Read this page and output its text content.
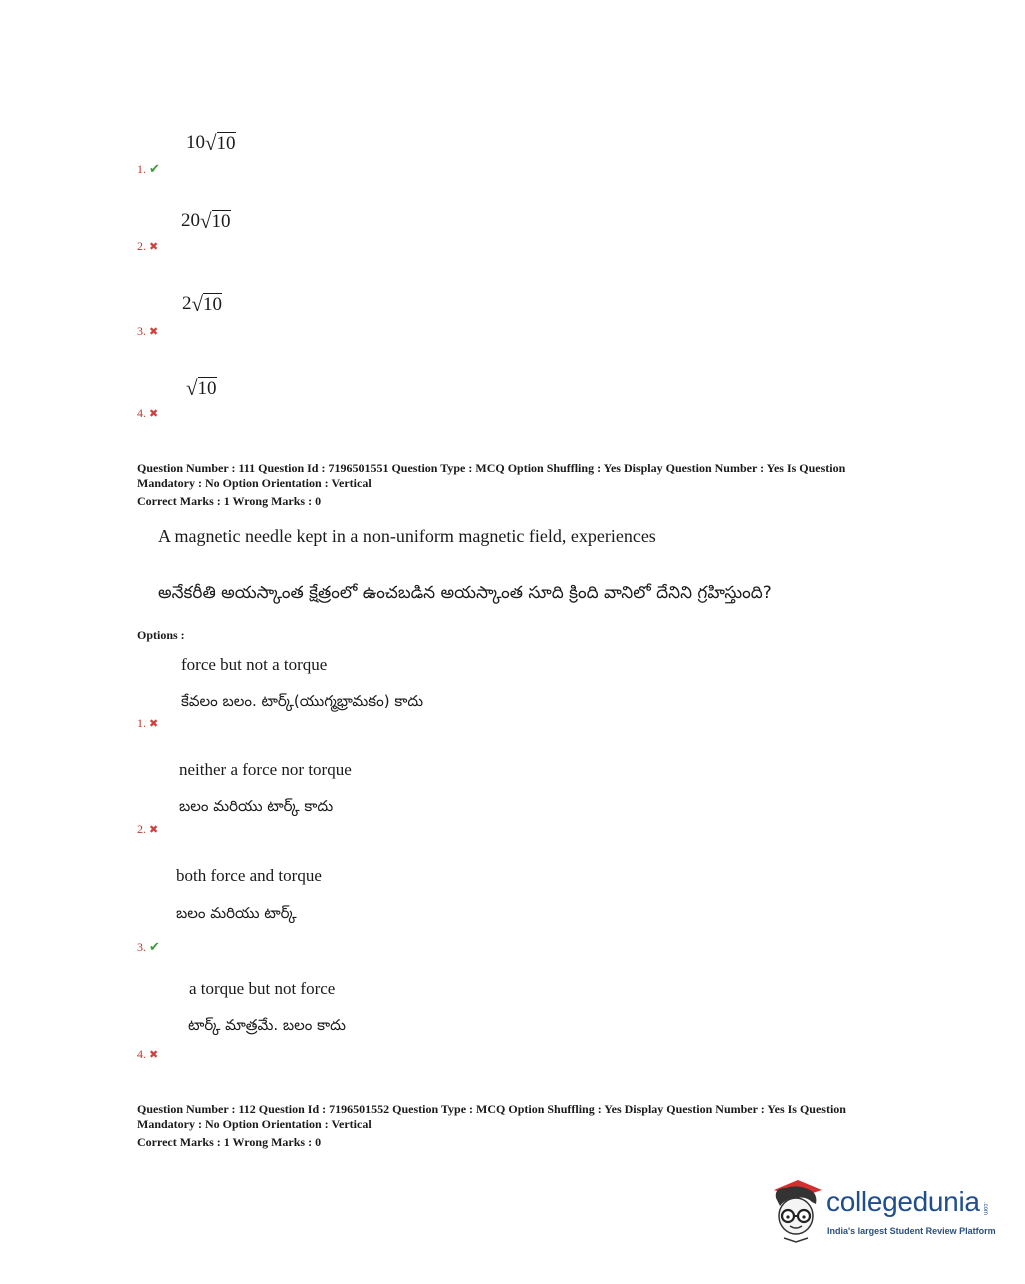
10 √ 10
1. ✔
20 √ 10
2. ✖
2 √ 10
3. ✖
√ 10
4. ✖
Question Number : 111 Question Id : 7196501551 Question Type : MCQ Option Shuffling : Yes Display Question Number : Yes Is Question
Mandatory : No Option Orientation : Vertical
Correct Marks : 1 Wrong Marks : 0
A magnetic needle kept in a non-uniform magnetic field, experiences
అనేకరీతి అయస్కాంత క్షేత్రంలో ఉంచబడిన అయస్కాంత సూది క్రింది వానిలో దేనిని గ్రహిస్తుంది?
Options :
force but not a torque
కేవలం బలం. టార్క్(యుగ్మభ్రామకం) కాదు
1. ✖
neither a force nor torque
బలం మరియు టార్క్ కాదు
2. ✖
both force and torque
బలం మరియు టార్క్
3. ✔
a torque but not force
టార్క్ మాత్రమే. బలం కాదు
4. ✖
Question Number : 112 Question Id : 7196501552 Question Type : MCQ Option Shuffling : Yes Display Question Number : Yes Is Question
Mandatory : No Option Orientation : Vertical
Correct Marks : 1 Wrong Marks : 0
collegedunia .com
India's largest Student Review Platform
